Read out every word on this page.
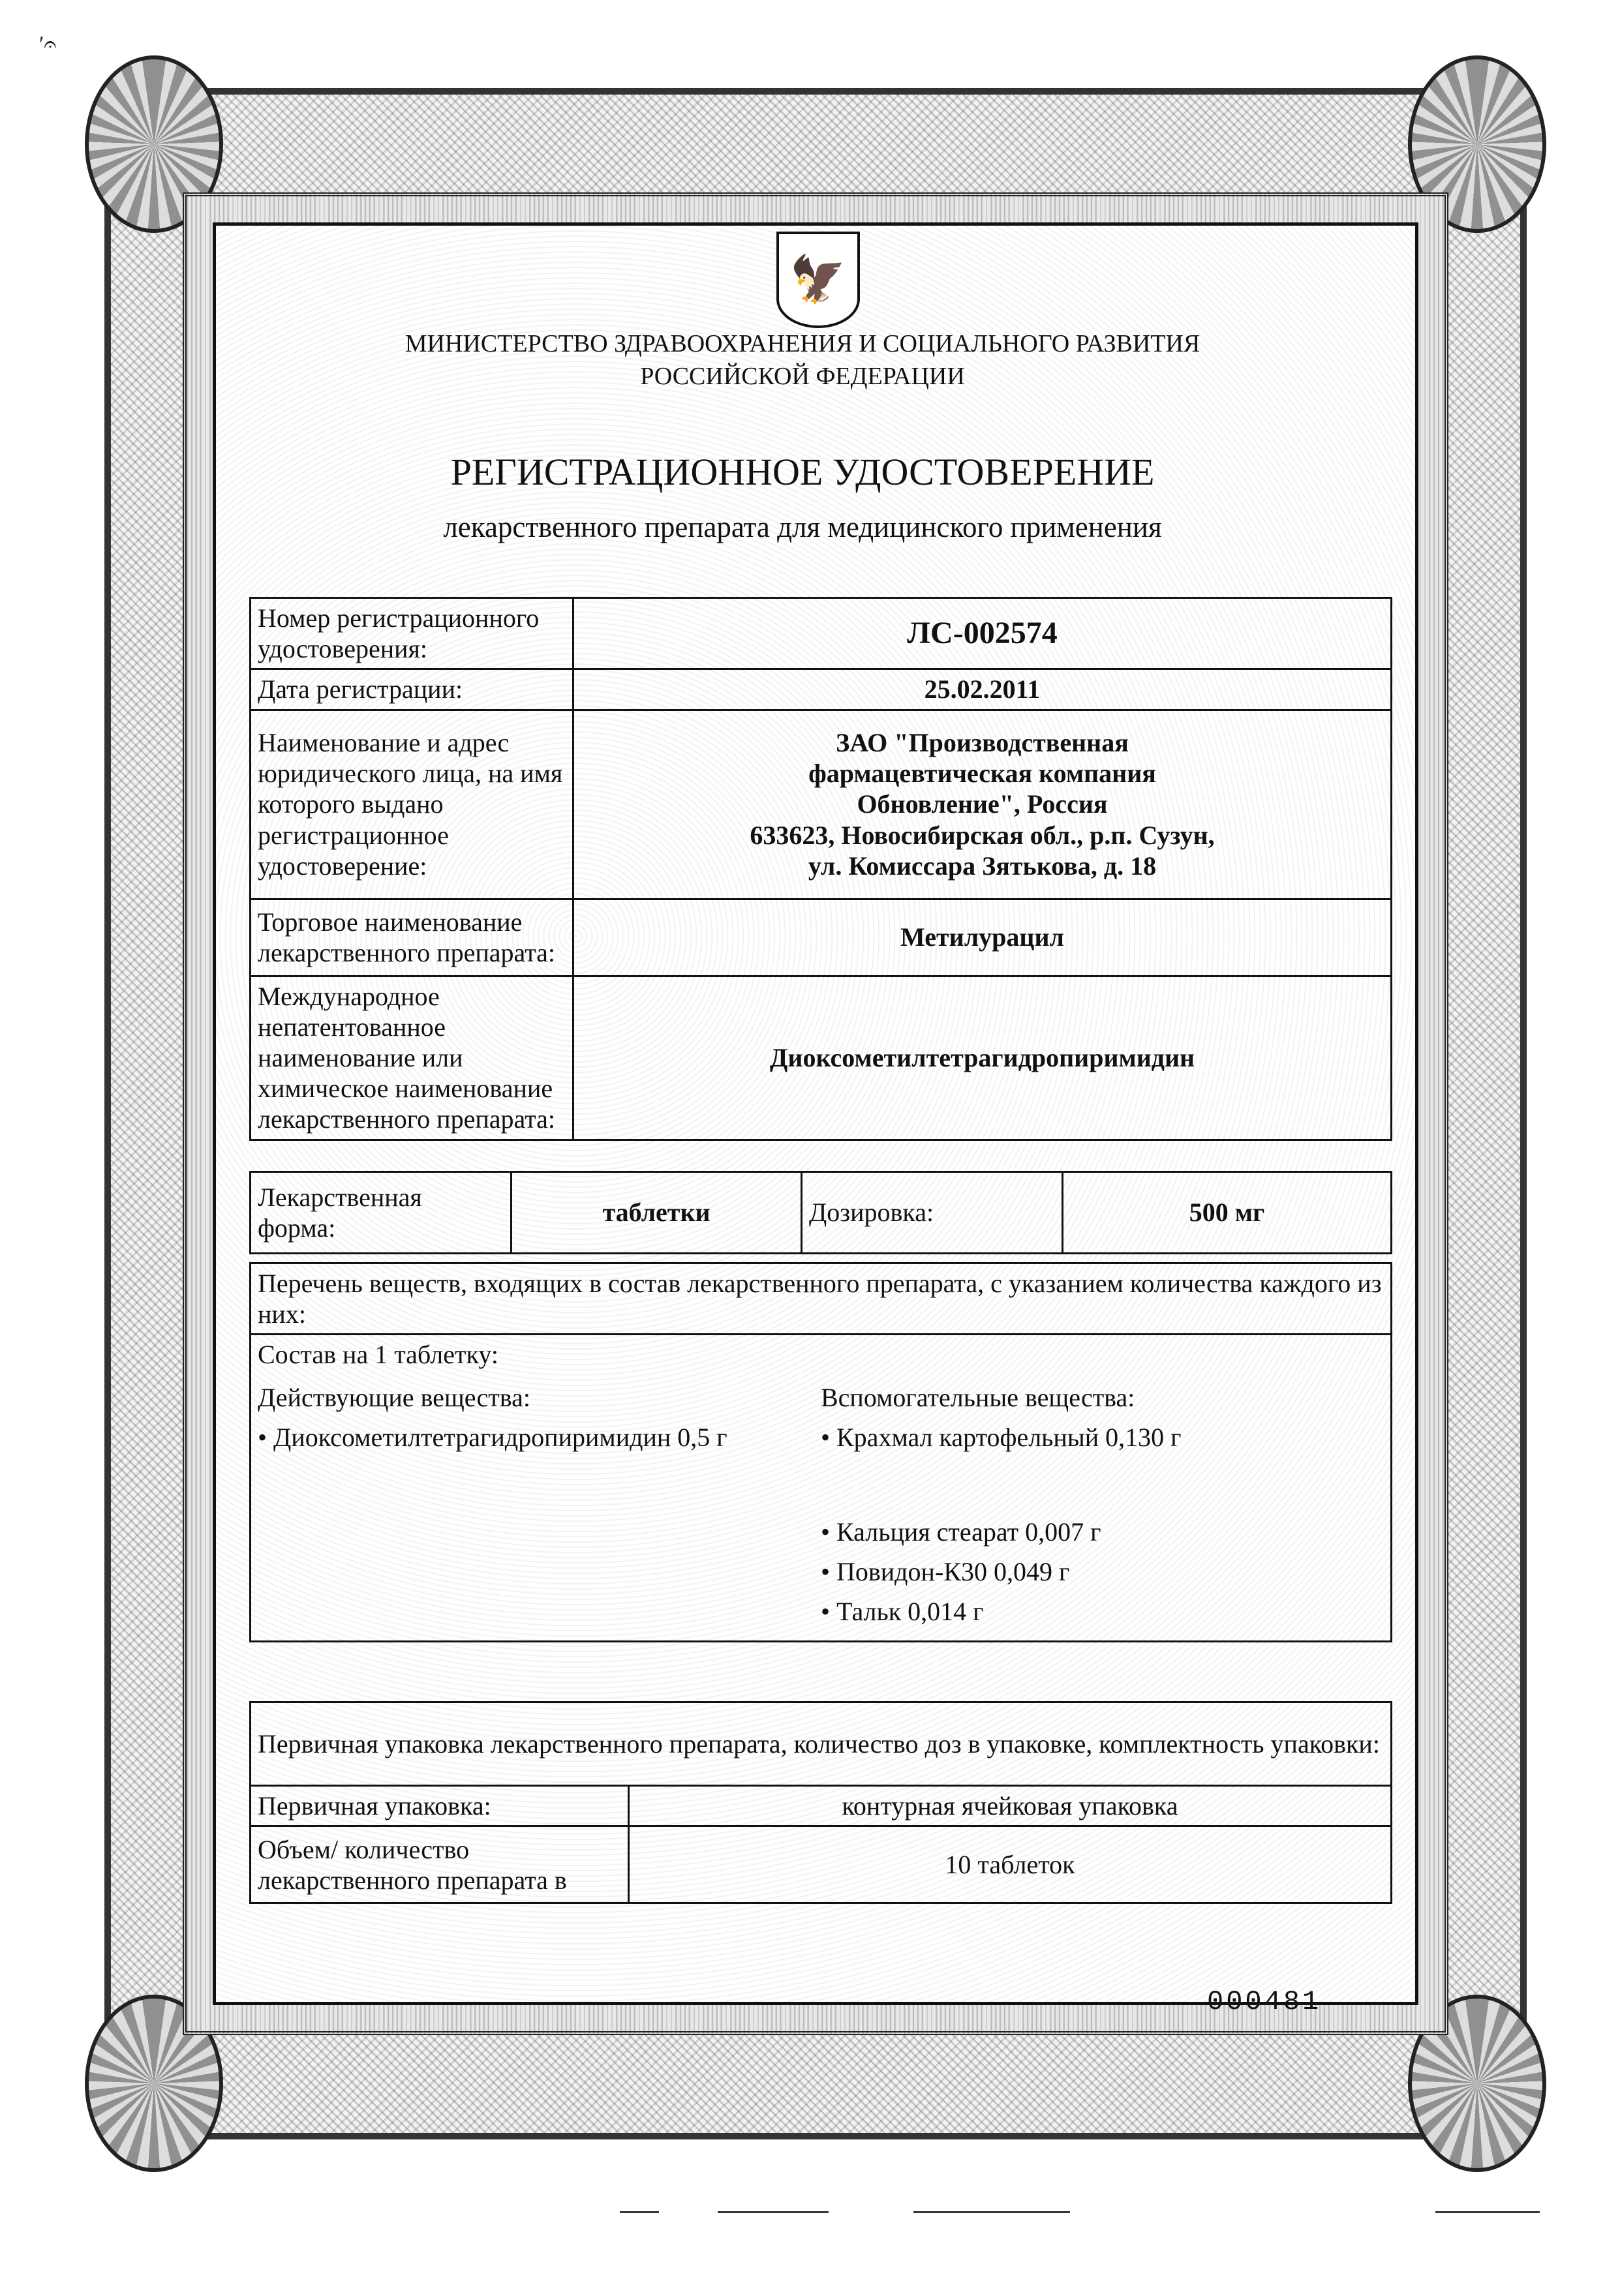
ʹ𝄐
🦅
МИНИСТЕРСТВО ЗДРАВООХРАНЕНИЯ И СОЦИАЛЬНОГО РАЗВИТИЯ
РОССИЙСКОЙ ФЕДЕРАЦИИ
РЕГИСТРАЦИОННОЕ УДОСТОВЕРЕНИЕ
лекарственного препарата для медицинского применения
Номер регистрационного удостоверения:	ЛС-002574
Дата регистрации:	25.02.2011
Наименование и адрес юридического лица, на имя которого выдано регистрационное удостоверение:	ЗАО "Производственная
фармацевтическая компания
Обновление", Россия
633623, Новосибирская обл., р.п. Сузун,
ул. Комиссара Зятькова, д. 18

Торговое наименование лекарственного препарата:	Метилурацил
Международное непатентованное наименование или химическое наименование лекарственного препарата:	Диоксометилтетрагидропиримидин
Лекарственная форма:	таблетки	Дозировка:	500 мг
Перечень веществ, входящих в состав лекарственного препарата, с указанием количества каждого из них:

Состав на 1 таблетку:
Действующие вещества:
• Диоксометилтетрагидропиримидин 0,5 г
Вспомогательные вещества:
• Крахмал картофельный 0,130 г
• Кальция стеарат 0,007 г
• Повидон-К30 0,049 г
• Тальк 0,014 г
Первичная упаковка лекарственного препарата, количество доз в упаковке, комплектность упаковки:	
Первичная упаковка:	контурная ячейковая упаковка
Объем/ количество лекарственного препарата в	10 таблеток
000481
